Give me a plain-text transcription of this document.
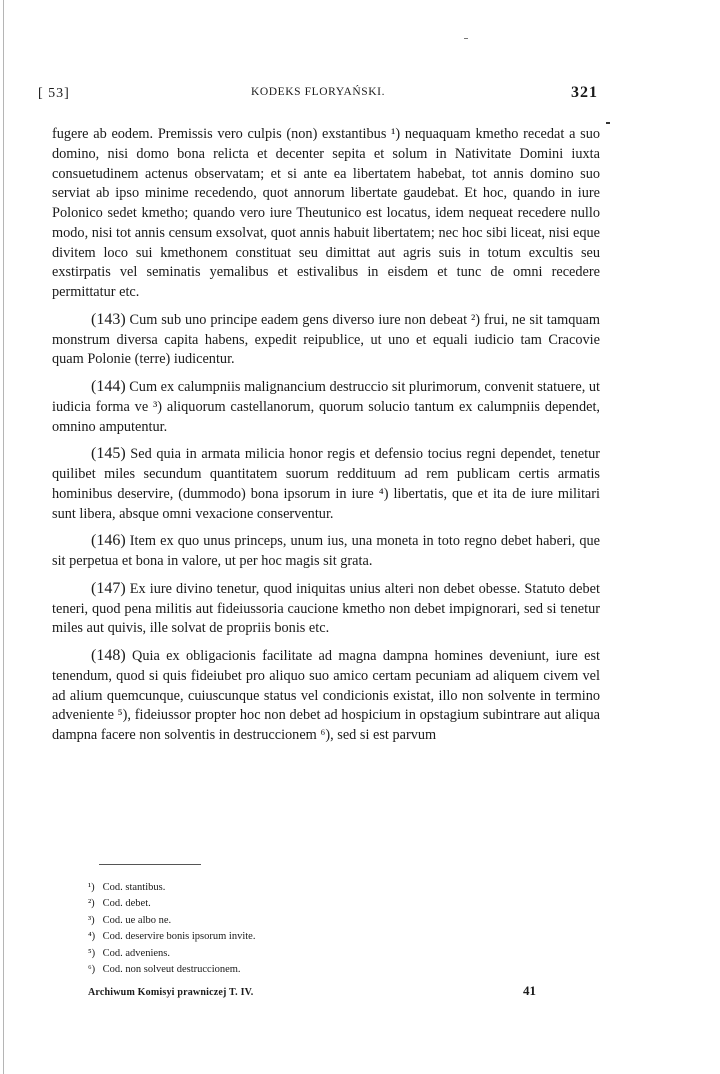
[ 53]	KODEKS FLORYAŃSKI.	321

fugere ab eodem. Premissis vero culpis (non) exstantibus ¹) nequaquam kmetho recedat a suo domino, nisi domo bona relicta et decenter sepita et solum in Nativitate Domini iuxta consuetudinem actenus observatam; et si ante ea libertatem habebat, tot annis domino suo serviat ab ipso minime recedendo, quot annorum libertate gaudebat. Et hoc, quando in iure Polonico sedet kmetho; quando vero iure Theutunico est locatus, idem nequeat recedere nullo modo, nisi tot annis censum exsolvat, quot annis habuit libertatem; nec hoc sibi liceat, nisi eque divitem loco sui kmethonem constituat seu dimittat aut agris suis in totum excultis seu exstirpatis vel seminatis yemalibus et estivalibus in eisdem et tunc de omni recedere permittatur etc.

(143) Cum sub uno principe eadem gens diverso iure non debeat ²) frui, ne sit tamquam monstrum diversa capita habens, expedit reipublice, ut uno et equali iudicio tam Cracovie quam Polonie (terre) iudicentur.

(144) Cum ex calumpniis malignancium destruccio sit plurimorum, convenit statuere, ut iudicia forma ve ³) aliquorum castellanorum, quorum solucio tantum ex calumpniis dependet, omnino amputentur.

(145) Sed quia in armata milicia honor regis et defensio tocius regni dependet, tenetur quilibet miles secundum quantitatem suorum reddituum ad rem publicam certis armatis hominibus deservire, (dummodo) bona ipsorum in iure ⁴) libertatis, que et ita de iure militari sunt libera, absque omni vexacione conserventur.

(146) Item ex quo unus princeps, unum ius, una moneta in toto regno debet haberi, que sit perpetua et bona in valore, ut per hoc magis sit grata.

(147) Ex iure divino tenetur, quod iniquitas unius alteri non debet obesse. Statuto debet teneri, quod pena militis aut fideiussoria caucione kmetho non debet impignorari, sed si tenetur miles aut quivis, ille solvat de propriis bonis etc.

(148) Quia ex obligacionis facilitate ad magna dampna homines deveniunt, iure est tenendum, quod si quis fideiubet pro aliquo suo amico certam pecuniam ad aliquem civem vel ad alium quemcunque, cuiuscunque status vel condicionis existat, illo non solvente in termino adveniente ⁵), fideiussor propter hoc non debet ad hospicium in opstagium subintrare aut aliqua dampna facere non solventis in destruccionem ⁶), sed si est parvum

¹) Cod. stantibus.
²) Cod. debet.
³) Cod. ue albo ne.
⁴) Cod. deservire bonis ipsorum invite.
⁵) Cod. adveniens.
⁶) Cod. non solveut destruccionem.
Archiwum Komisyi prawniczej T. IV.	41
